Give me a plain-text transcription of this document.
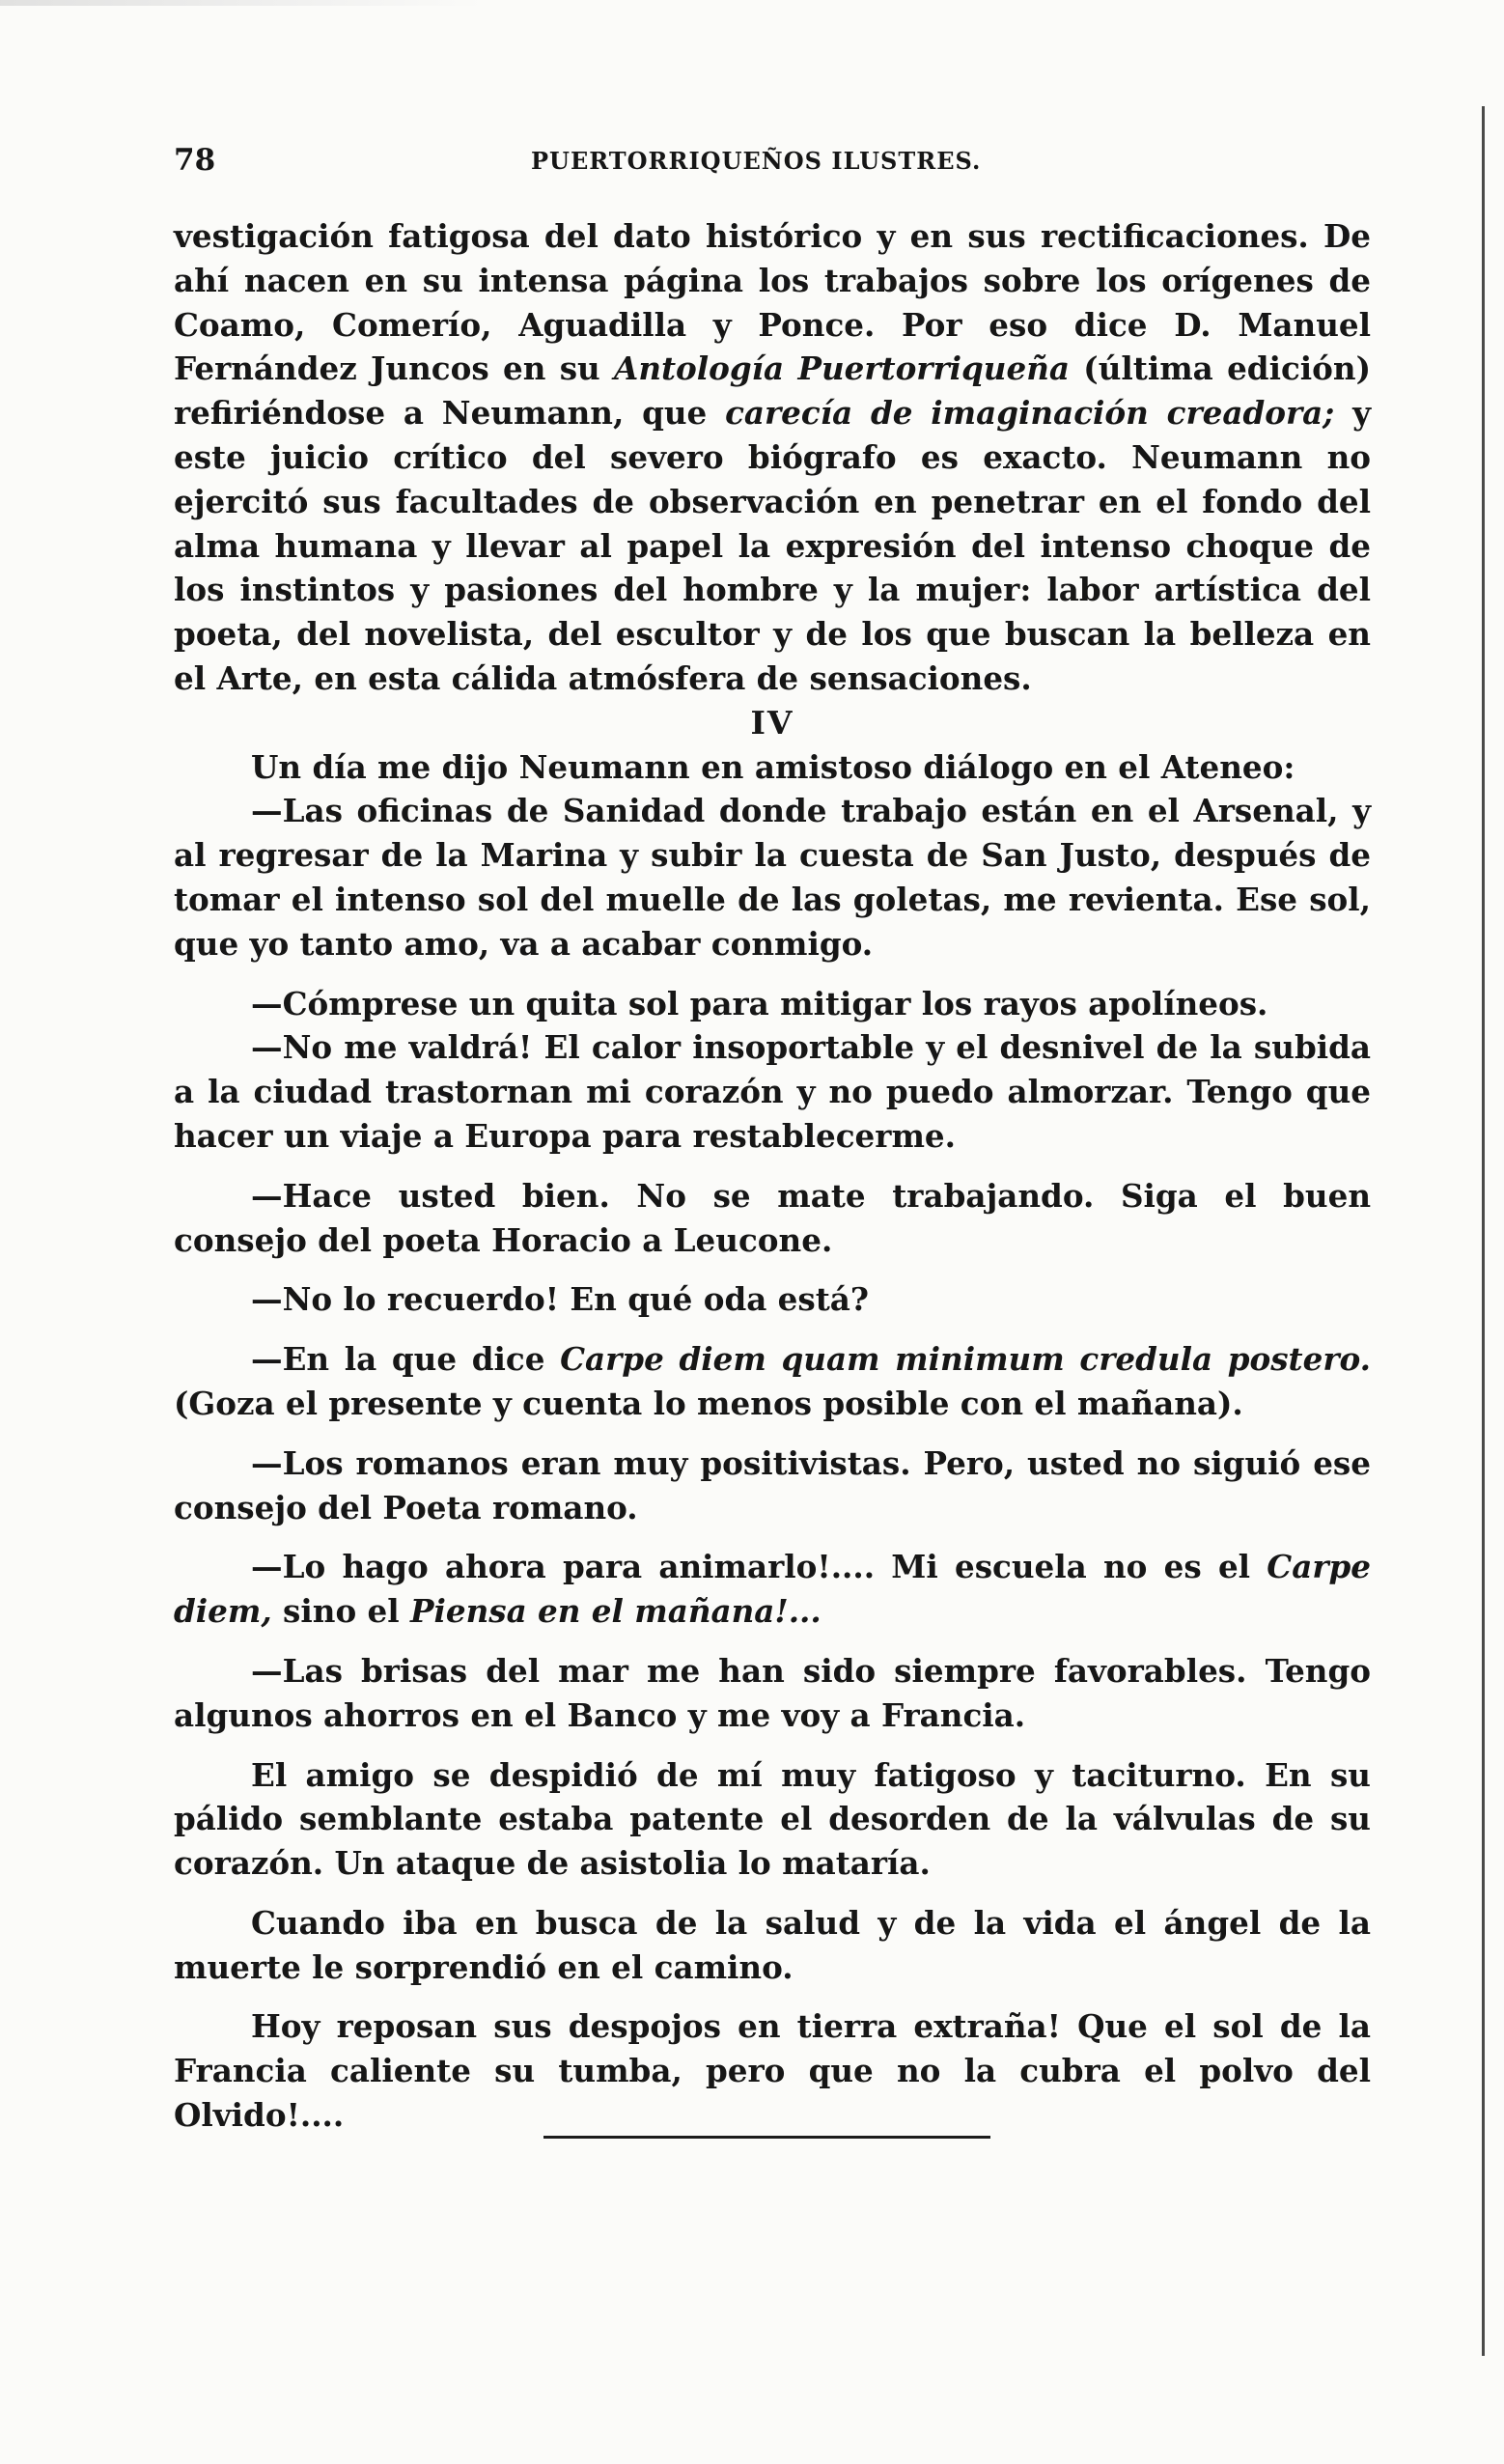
78	PUERTORRIQUEÑOS ILUSTRES.

vestigación fatigosa del dato histórico y en sus rectificaciones. De ahí nacen en su intensa página los trabajos sobre los orígenes de Coamo, Comerío, Aguadilla y Ponce. Por eso dice D. Manuel Fernández Juncos en su Antología Puertorriqueña (última edición) refiriéndose a Neumann, que carecía de imaginación creadora; y este juicio crítico del severo biógrafo es exacto. Neumann no ejercitó sus facultades de observación en penetrar en el fondo del alma humana y llevar al papel la expresión del intenso choque de los instintos y pasiones del hombre y la mujer: labor artística del poeta, del novelista, del escultor y de los que buscan la belleza en el Arte, en esta cálida atmósfera de sensaciones.

IV

Un día me dijo Neumann en amistoso diálogo en el Ateneo:

—Las oficinas de Sanidad donde trabajo están en el Arsenal, y al regresar de la Marina y subir la cuesta de San Justo, después de tomar el intenso sol del muelle de las goletas, me revienta. Ese sol, que yo tanto amo, va a acabar conmigo.

—Cómprese un quita sol para mitigar los rayos apolíneos.

—No me valdrá! El calor insoportable y el desnivel de la subida a la ciudad trastornan mi corazón y no puedo almorzar. Tengo que hacer un viaje a Europa para restablecerme.

—Hace usted bien. No se mate trabajando. Siga el buen consejo del poeta Horacio a Leucone.

—No lo recuerdo! En qué oda está?

—En la que dice Carpe diem quam minimum credula postero. (Goza el presente y cuenta lo menos posible con el mañana).

—Los romanos eran muy positivistas. Pero, usted no siguió ese consejo del Poeta romano.

—Lo hago ahora para animarlo!.... Mi escuela no es el Carpe diem, sino el Piensa en el mañana!...

—Las brisas del mar me han sido siempre favorables. Tengo algunos ahorros en el Banco y me voy a Francia.

El amigo se despidió de mí muy fatigoso y taciturno. En su pálido semblante estaba patente el desorden de la válvulas de su corazón. Un ataque de asistolia lo mataría.

Cuando iba en busca de la salud y de la vida el ángel de la muerte le sorprendió en el camino.

Hoy reposan sus despojos en tierra extraña! Que el sol de la Francia caliente su tumba, pero que no la cubra el polvo del Olvido!....
